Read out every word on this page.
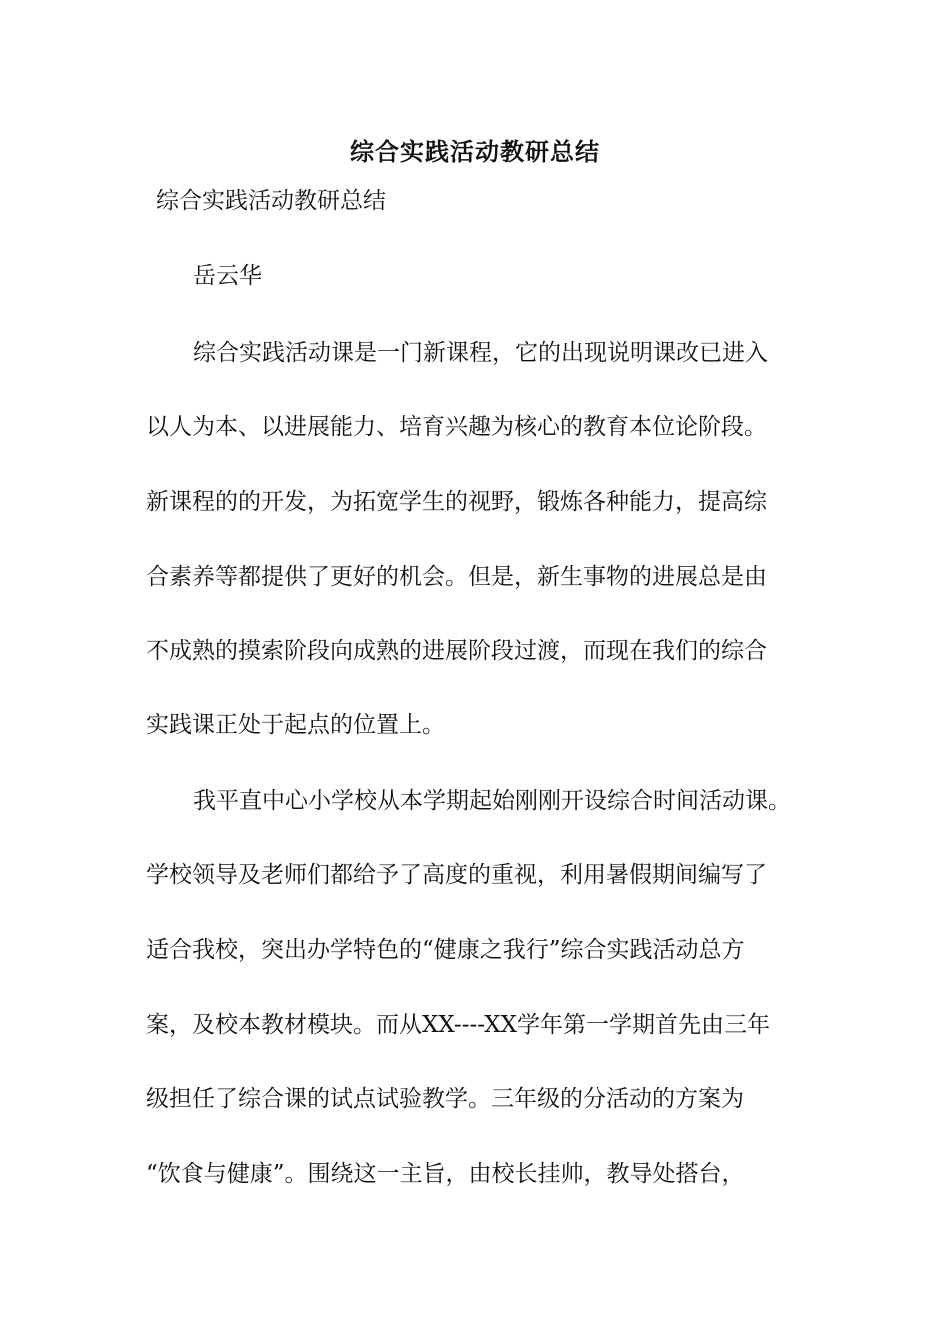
综合实践活动教研总结
综合实践活动教研总结
岳云华
综合实践活动课是一门新课程，它的出现说明课改已进入
以人为本、以进展能力、培育兴趣为核心的教育本位论阶段。
新课程的的开发，为拓宽学生的视野，锻炼各种能力，提高综
合素养等都提供了更好的机会。但是，新生事物的进展总是由
不成熟的摸索阶段向成熟的进展阶段过渡，而现在我们的综合
实践课正处于起点的位置上。
我平直中心小学校从本学期起始刚刚开设综合时间活动课。
学校领导及老师们都给予了高度的重视，利用暑假期间编写了
适合我校，突出办学特色的“健康之我行”综合实践活动总方
案，及校本教材模块。而从XX----XX学年第一学期首先由三年
级担任了综合课的试点试验教学。三年级的分活动的方案为
“饮食与健康”。围绕这一主旨，由校长挂帅，教导处搭台，
